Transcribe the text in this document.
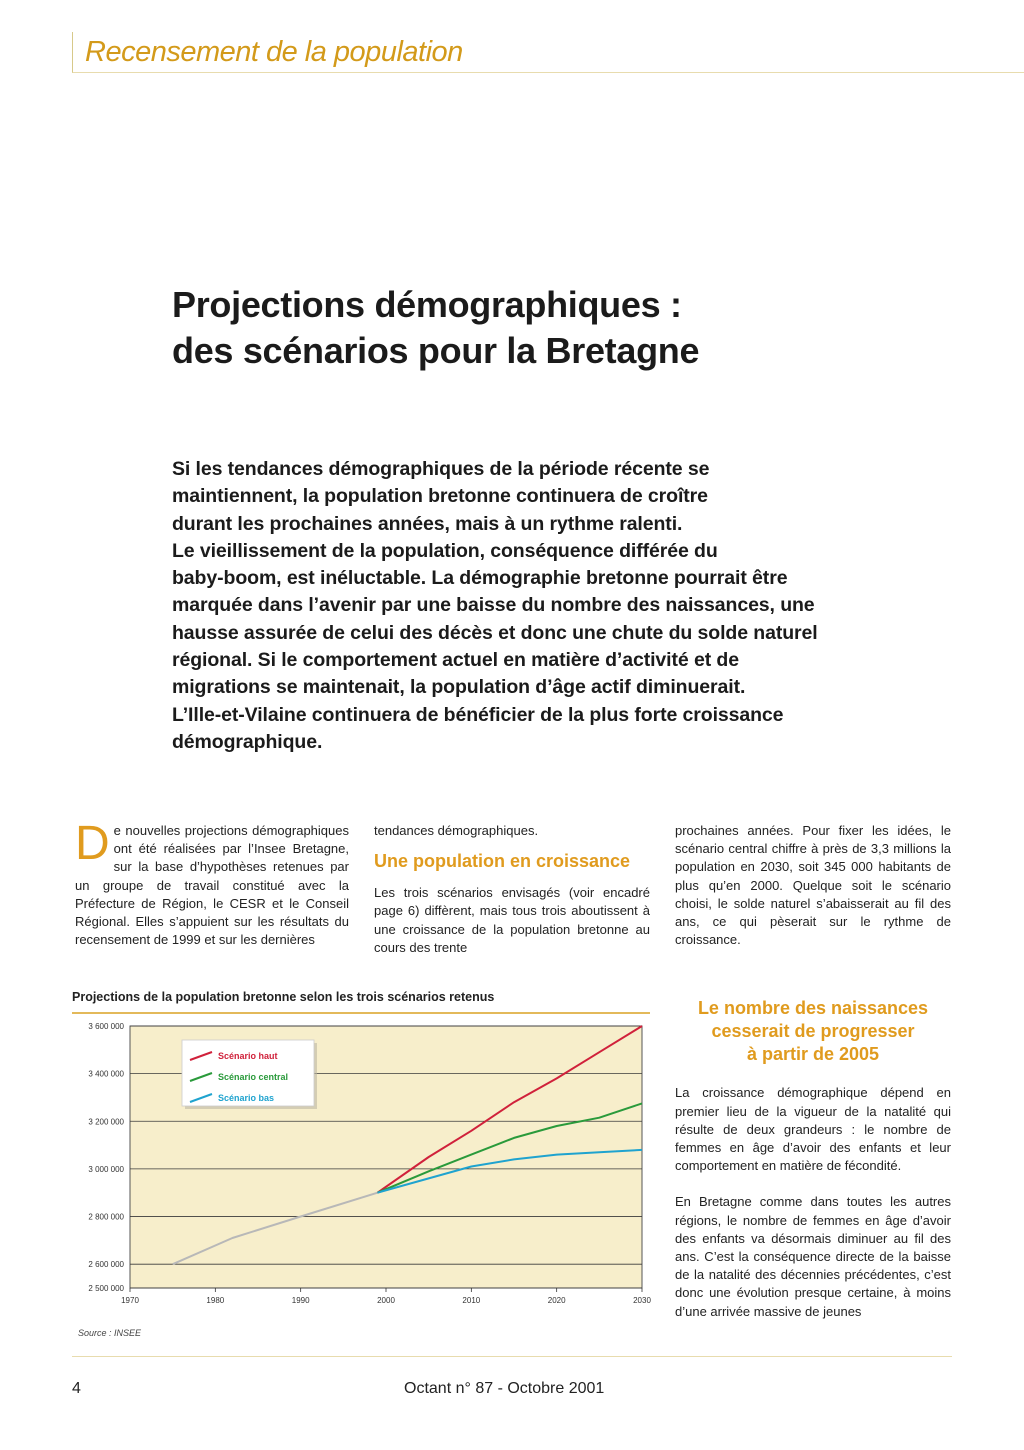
Recensement de la population
Projections démographiques :
des scénarios pour la Bretagne
Si les tendances démographiques de la période récente se
maintiennent, la population bretonne continuera de croître
durant les prochaines années, mais à un rythme ralenti.
Le vieillissement de la population, conséquence différée du
baby-boom, est inéluctable. La démographie bretonne pourrait être
marquée dans l’avenir par une baisse du nombre des naissances, une
hausse assurée de celui des décès et donc une chute du solde naturel
régional. Si le comportement actuel en matière d’activité et de
migrations se maintenait, la population d’âge actif diminuerait.
L’Ille-et-Vilaine continuera de bénéficier de la plus forte croissance
démographique.

De nouvelles projections démographiques ont été réalisées par l’Insee Bretagne, sur la base d’hypothèses retenues par un groupe de travail constitué avec la Préfecture de Région, le CESR et le Conseil Régional. Elles s’appuient sur les résultats du recensement de 1999 et sur les dernières

tendances démographiques.

Une population en croissance

Les trois scénarios envisagés (voir encadré page 6) diffèrent, mais tous trois aboutissent à une croissance de la population bretonne au cours des trente

prochaines années. Pour fixer les idées, le scénario central chiffre à près de 3,3 millions la population en 2030, soit 345 000 habitants de plus qu’en 2000. Quelque soit le scénario choisi, le solde naturel s’abaisserait au fil des ans, ce qui pèserait sur le rythme de croissance.

Le nombre des naissances

cesserait de progresser

à partir de 2005

La croissance démographique dépend en premier lieu de la vigueur de la natalité qui résulte de deux grandeurs : le nombre de femmes en âge d’avoir des enfants et leur comportement en matière de fécondité.

En Bretagne comme dans toutes les autres régions, le nombre de femmes en âge d’avoir des enfants va désormais diminuer au fil des ans. C’est la conséquence directe de la baisse de la natalité des décennies précédentes, c’est donc une évolution presque certaine, à moins d’une arrivée massive de jeunes

Projections de la population bretonne selon les trois scénarios retenus
2 500 000
2 600 000
2 800 000
3 000 000
3 200 000
3 400 000
3 600 000
1970	1980	1990	2000	2010	2020	2030
Scénario haut
Scénario central
Scénario bas
Source : INSEE
4	Octant n° 87 - Octobre 2001
